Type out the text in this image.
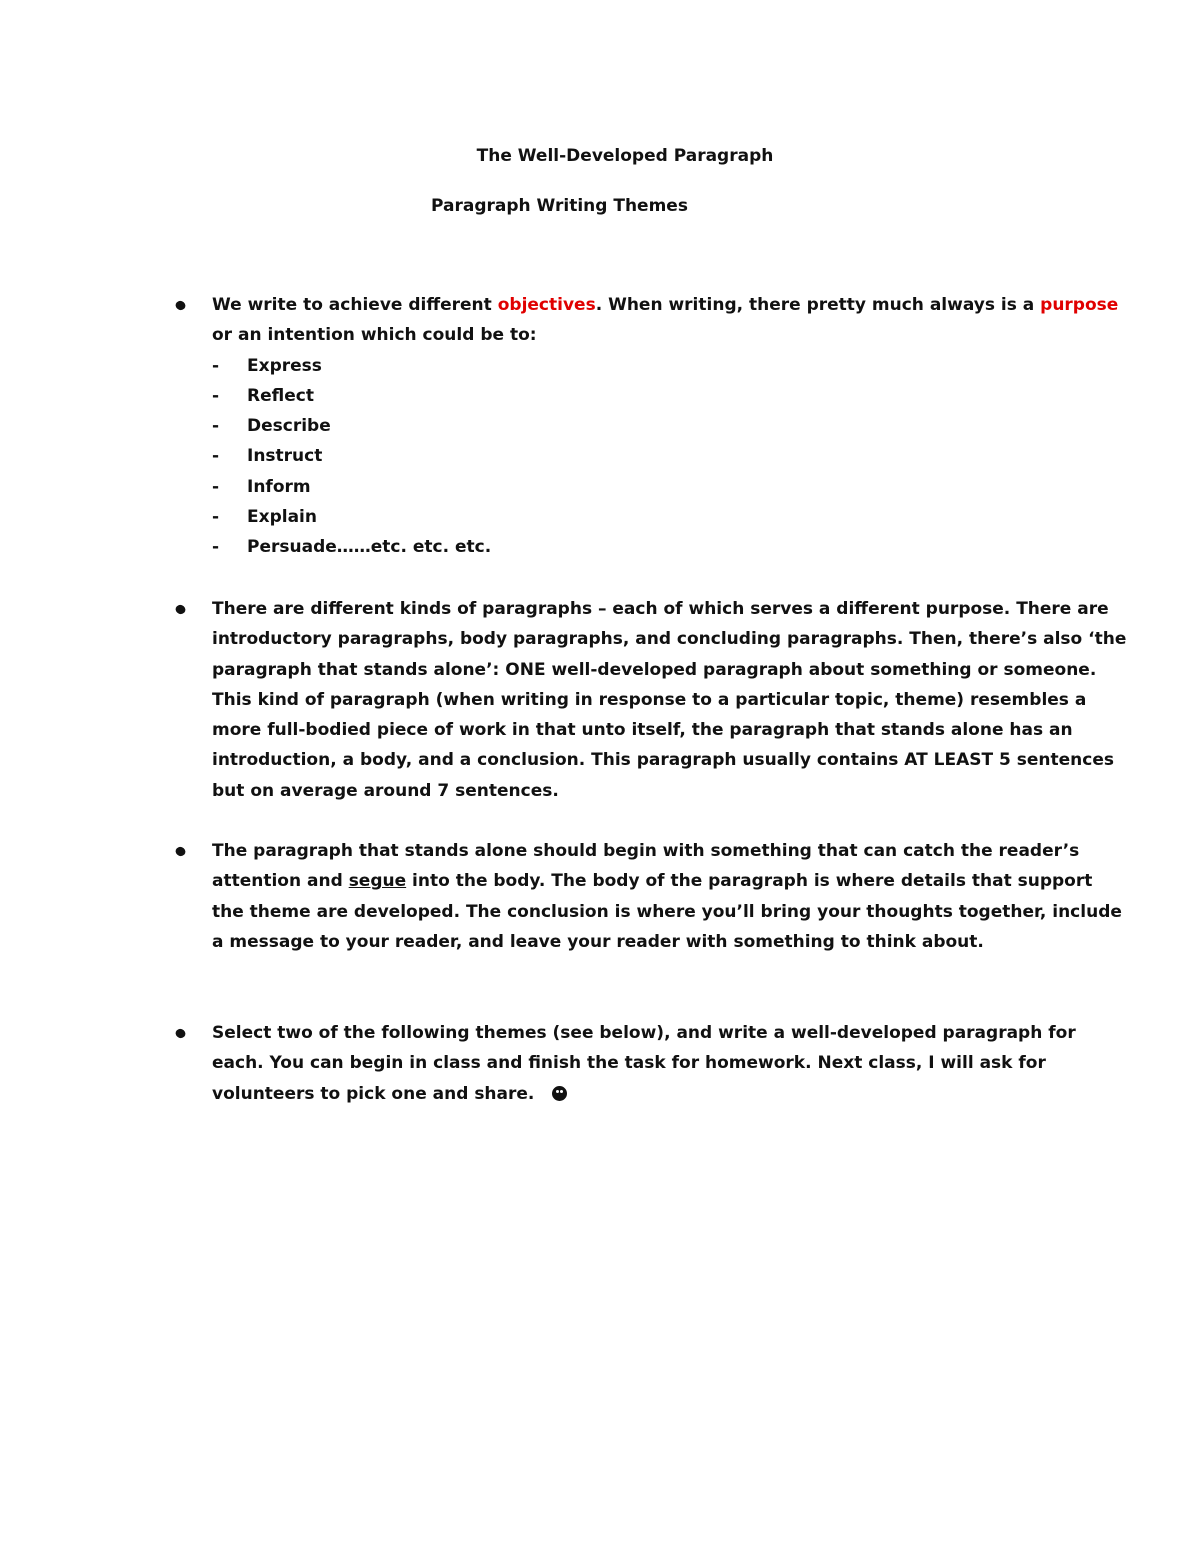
The Well-Developed Paragraph
Paragraph Writing Themes
We write to achieve different objectives. When writing, there pretty much always is a purpose
or an intention which could be to:
- Express
- Reflect
- Describe
- Instruct
- Inform
- Explain
- Persuade……etc. etc. etc.
There are different kinds of paragraphs – each of which serves a different purpose. There are
introductory paragraphs, body paragraphs, and concluding paragraphs. Then, there’s also ‘the
paragraph that stands alone’: ONE well-developed paragraph about something or someone.
This kind of paragraph (when writing in response to a particular topic, theme) resembles a
more full-bodied piece of work in that unto itself, the paragraph that stands alone has an
introduction, a body, and a conclusion. This paragraph usually contains AT LEAST 5 sentences
but on average around 7 sentences.
The paragraph that stands alone should begin with something that can catch the reader’s
attention and segue into the body. The body of the paragraph is where details that support
the theme are developed. The conclusion is where you’ll bring your thoughts together, include
a message to your reader, and leave your reader with something to think about.
Select two of the following themes (see below), and write a well-developed paragraph for
each. You can begin in class and finish the task for homework. Next class, I will ask for
volunteers to pick one and share.
